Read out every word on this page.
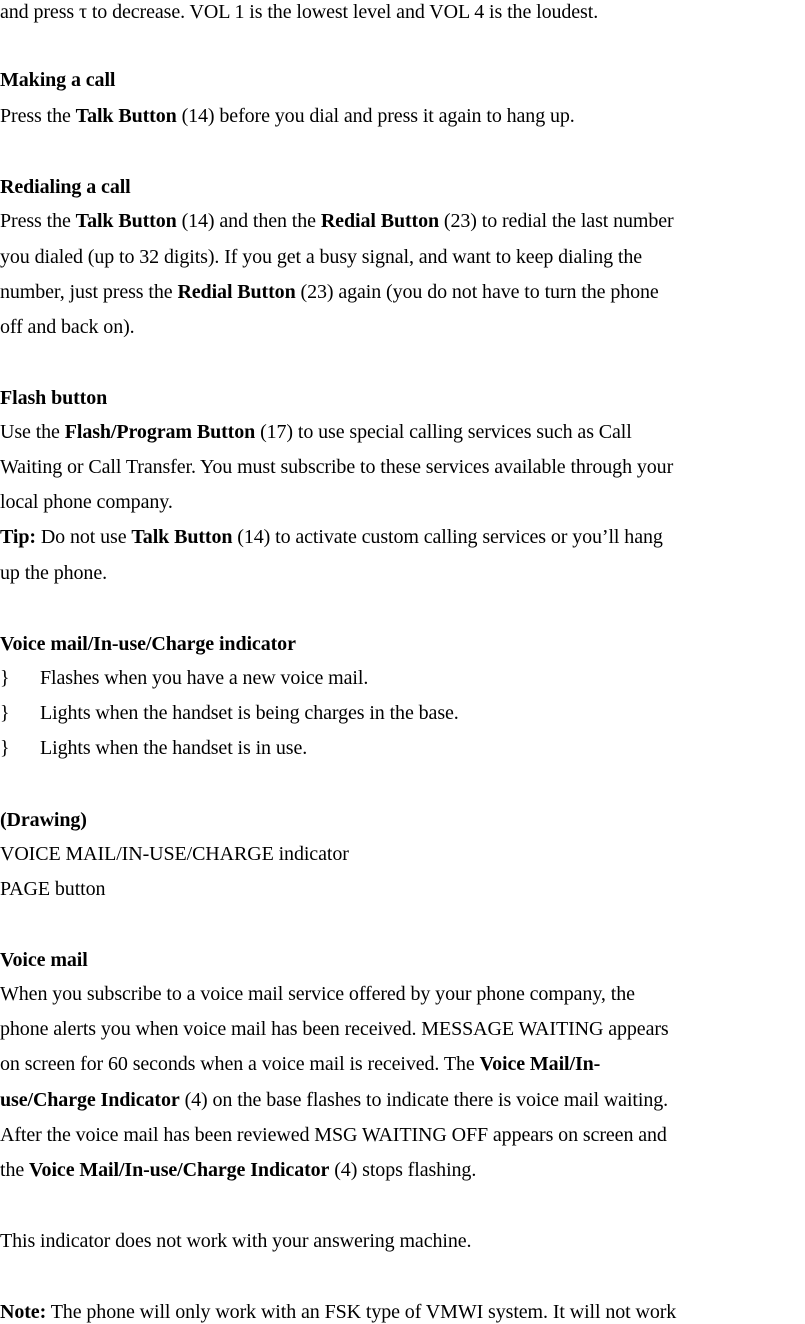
and press τ to decrease. VOL 1 is the lowest level and VOL 4 is the loudest.
Making a call
Press the Talk Button (14) before you dial and press it again to hang up.
Redialing a call
Press the Talk Button (14) and then the Redial Button (23) to redial the last number
you dialed (up to 32 digits). If you get a busy signal, and want to keep dialing the
number, just press the Redial Button (23) again (you do not have to turn the phone
off and back on).
Flash button
Use the Flash/Program Button (17) to use special calling services such as Call
Waiting or Call Transfer. You must subscribe to these services available through your
local phone company.
Tip: Do not use Talk Button (14) to activate custom calling services or you’ll hang
up the phone.
Voice mail/In-use/Charge indicator
}	Flashes when you have a new voice mail.
}	Lights when the handset is being charges in the base.
}	Lights when the handset is in use.
(Drawing)
VOICE MAIL/IN-USE/CHARGE indicator
PAGE button
Voice mail
When you subscribe to a voice mail service offered by your phone company, the
phone alerts you when voice mail has been received. MESSAGE WAITING appears
on screen for 60 seconds when a voice mail is received. The Voice Mail/In-
use/Charge Indicator (4) on the base flashes to indicate there is voice mail waiting.
After the voice mail has been reviewed MSG WAITING OFF appears on screen and
the Voice Mail/In-use/Charge Indicator (4) stops flashing.
This indicator does not work with your answering machine.
Note: The phone will only work with an FSK type of VMWI system. It will not work
